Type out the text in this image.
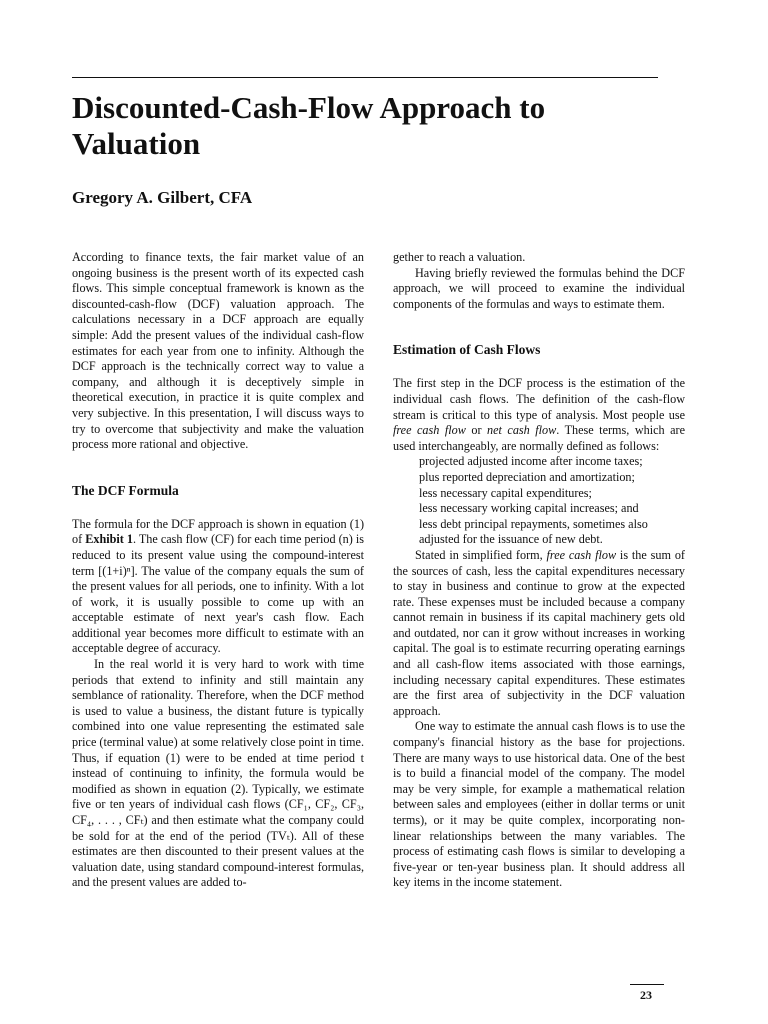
Discounted-Cash-Flow Approach to Valuation

Gregory A. Gilbert, CFA

According to finance texts, the fair market value of an ongoing business is the present worth of its expected cash flows. This simple conceptual framework is known as the discounted-cash-flow (DCF) valuation approach. The calculations necessary in a DCF approach are equally simple: Add the present values of the individual cash-flow estimates for each year from one to infinity. Although the DCF approach is the technically correct way to value a company, and although it is deceptively simple in theoretical execution, in practice it is quite complex and very subjective. In this presentation, I will discuss ways to try to overcome that subjectivity and make the valuation process more rational and objective.

The DCF Formula

The formula for the DCF approach is shown in equation (1) of Exhibit 1. The cash flow (CF) for each time period (n) is reduced to its present value using the compound-interest term [(1+i)ⁿ]. The value of the company equals the sum of the present values for all periods, one to infinity. With a lot of work, it is usually possible to come up with an acceptable estimate of next year's cash flow. Each additional year becomes more difficult to estimate with an acceptable degree of accuracy.

In the real world it is very hard to work with time periods that extend to infinity and still maintain any semblance of rationality. Therefore, when the DCF method is used to value a business, the distant future is typically combined into one value representing the estimated sale price (terminal value) at some relatively close point in time. Thus, if equation (1) were to be ended at time period t instead of continuing to infinity, the formula would be modified as shown in equation (2). Typically, we estimate five or ten years of individual cash flows (CF₁, CF₂, CF₃, CF₄, . . . , CFₜ) and then estimate what the company could be sold for at the end of the period (TVₜ). All of these estimates are then discounted to their present values at the valuation date, using standard compound-interest formulas, and the present values are added to-

gether to reach a valuation.

Having briefly reviewed the formulas behind the DCF approach, we will proceed to examine the individual components of the formulas and ways to estimate them.

Estimation of Cash Flows

The first step in the DCF process is the estimation of the individual cash flows. The definition of the cash-flow stream is critical to this type of analysis. Most people use free cash flow or net cash flow. These terms, which are used interchangeably, are normally defined as follows:

projected adjusted income after income taxes;
plus reported depreciation and amortization;
less necessary capital expenditures;
less necessary working capital increases; and
less debt principal repayments, sometimes also adjusted for the issuance of new debt.

Stated in simplified form, free cash flow is the sum of the sources of cash, less the capital expenditures necessary to stay in business and continue to grow at the expected rate. These expenses must be included because a company cannot remain in business if its capital machinery gets old and outdated, nor can it grow without increases in working capital. The goal is to estimate recurring operating earnings and all cash-flow items associated with those earnings, including necessary capital expenditures. These estimates are the first area of subjectivity in the DCF valuation approach.

One way to estimate the annual cash flows is to use the company's financial history as the base for projections. There are many ways to use historical data. One of the best is to build a financial model of the company. The model may be very simple, for example a mathematical relation between sales and employees (either in dollar terms or unit terms), or it may be quite complex, incorporating non-linear relationships between the many variables. The process of estimating cash flows is similar to developing a five-year or ten-year business plan. It should address all key items in the income statement.

23
